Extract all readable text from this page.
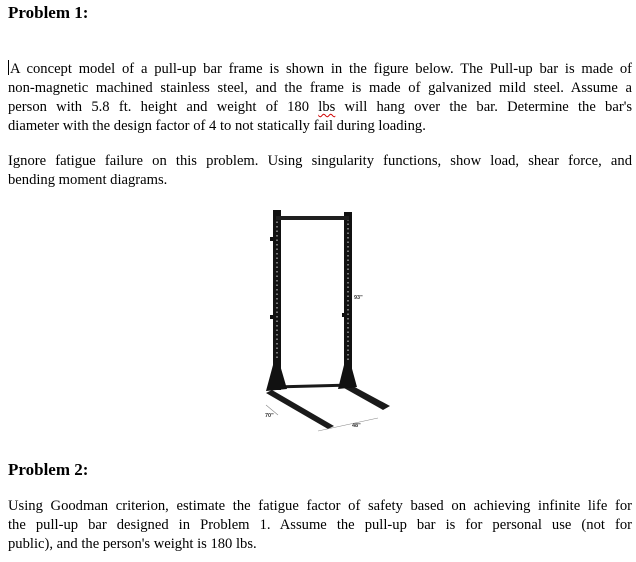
Problem 1:
A concept model of a pull-up bar frame is shown in the figure below. The Pull-up bar is made of
non-magnetic machined stainless steel, and the frame is made of galvanized mild steel. Assume a
person with 5.8 ft. height and weight of 180 lbs will hang over the bar. Determine the bar's
diameter with the design factor of 4 to not statically fail during loading.
Ignore fatigue failure on this problem. Using singularity functions, show load, shear force, and
bending moment diagrams.
93"
70"
48"
Problem 2:
Using Goodman criterion, estimate the fatigue factor of safety based on achieving infinite life for
the pull-up bar designed in Problem 1. Assume the pull-up bar is for personal use (not for
public), and the person's weight is 180 lbs.
